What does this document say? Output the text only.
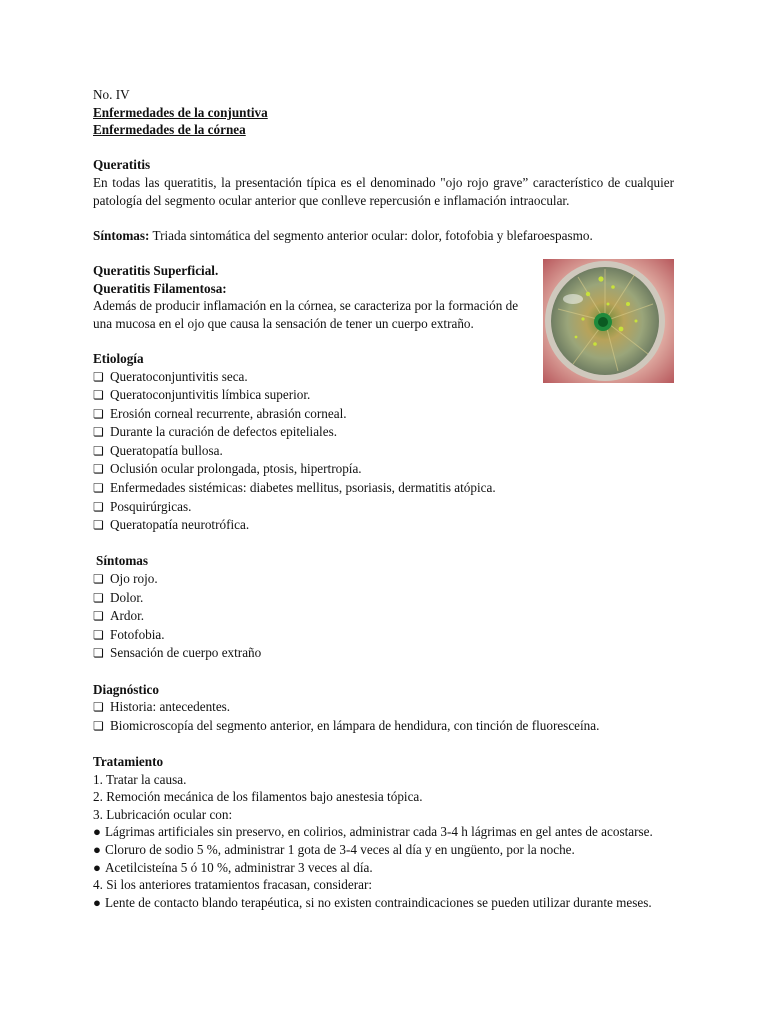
No. IV

Enfermedades de la conjuntiva

Enfermedades de la córnea

Queratitis

En todas las queratitis, la presentación típica es el denominado "ojo rojo grave” característico de cualquier patología del segmento ocular anterior que conlleve repercusión e inflamación intraocular.

Síntomas: Triada sintomática del segmento anterior ocular: dolor, fotofobia y blefaroespasmo.

Queratitis Superficial.

Queratitis Filamentosa:

Además de producir inflamación en la córnea, se caracteriza por la formación de una mucosa en el ojo que causa la sensación de tener un cuerpo extraño.

Etiología

❏
Queratoconjuntivitis seca.
❏
Queratoconjuntivitis límbica superior.
❏
Erosión corneal recurrente, abrasión corneal.
❏
Durante la curación de defectos epiteliales.
❏
Queratopatía bullosa.
❏
Oclusión ocular prolongada, ptosis, hipertropía.
❏
Enfermedades sistémicas: diabetes mellitus, psoriasis, dermatitis atópica.
❏
Posquirúrgicas.
❏
Queratopatía neurotrófica.

Síntomas

❏
Ojo rojo.
❏
Dolor.
❏
Ardor.
❏
Fotofobia.
❏
Sensación de cuerpo extraño

Diagnóstico

❏
Historia: antecedentes.
❏
Biomicroscopía del segmento anterior, en lámpara de hendidura, con tinción de fluoresceína.

Tratamiento

1. Tratar la causa.

2. Remoción mecánica de los filamentos bajo anestesia tópica.

3. Lubricación ocular con:

● Lágrimas artificiales sin preservo, en colirios, administrar cada 3-4 h lágrimas en gel antes de acostarse.

● Cloruro de sodio 5 %, administrar 1 gota de 3-4 veces al día y en ungüento, por la noche.

● Acetilcisteína 5 ó 10 %, administrar 3 veces al día.

4. Si los anteriores tratamientos fracasan, considerar:

● Lente de contacto blando terapéutica, si no existen contraindicaciones se pueden utilizar durante meses.
